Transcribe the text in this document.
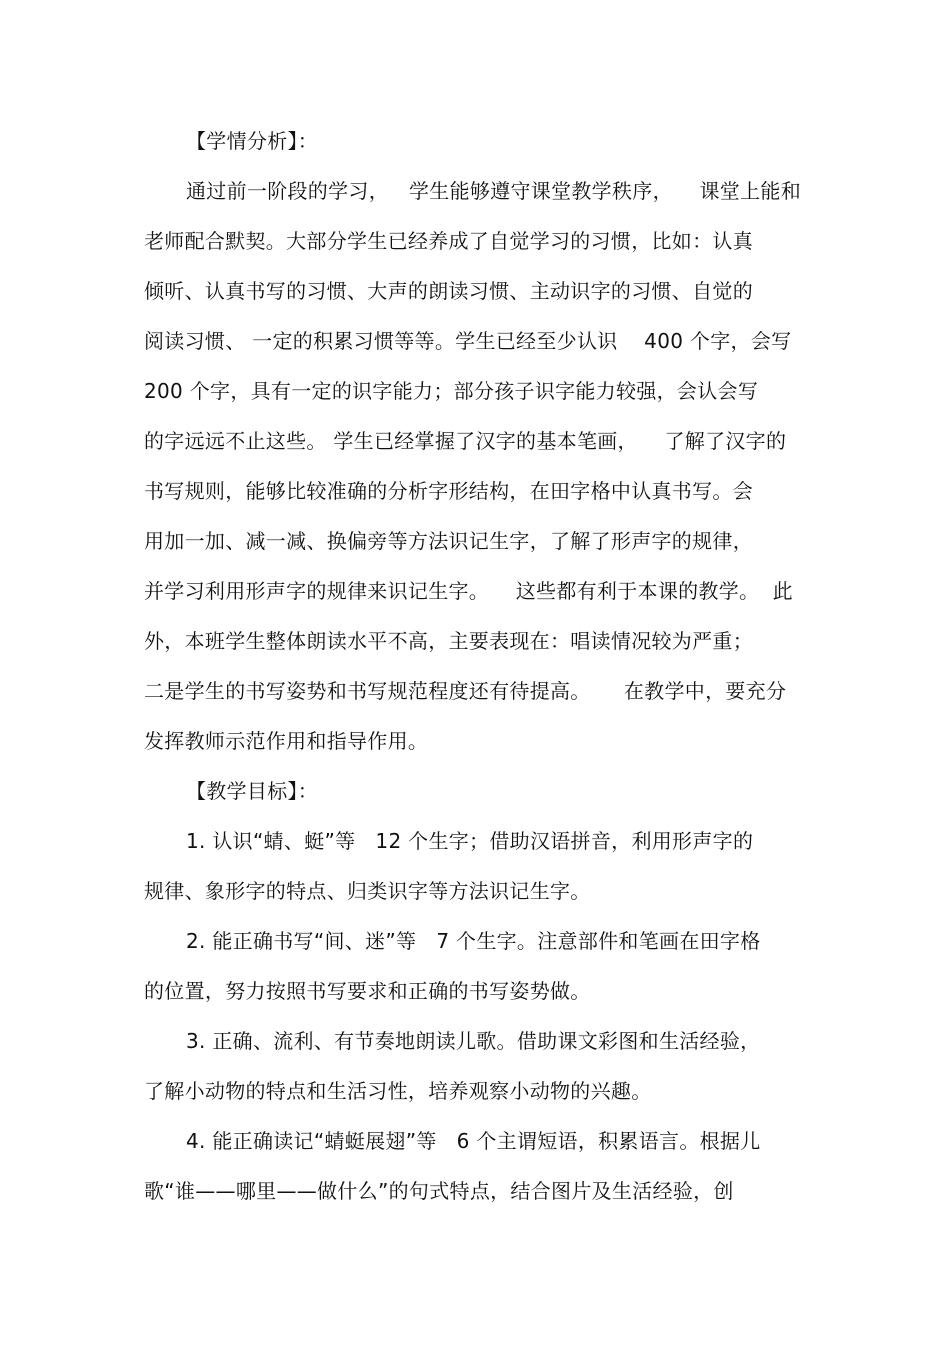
【学情分析】：
通过前一阶段的学习，   学生能够遵守课堂教学秩序，    课堂上能和
老师配合默契。大部分学生已经养成了自觉学习的习惯，比如：认真
倾听、认真书写的习惯、大声的朗读习惯、主动识字的习惯、自觉的
阅读习惯、 一定的积累习惯等等。学生已经至少认识    400 个字，会写
200 个字，具有一定的识字能力；部分孩子识字能力较强，会认会写
的字远远不止这些。 学生已经掌握了汉字的基本笔画，    了解了汉字的
书写规则，能够比较准确的分析字形结构，在田字格中认真书写。会
用加一加、减一减、换偏旁等方法识记生字，了解了形声字的规律，
并学习利用形声字的规律来识记生字。    这些都有利于本课的教学。  此
外，本班学生整体朗读水平不高，主要表现在：唱读情况较为严重；
二是学生的书写姿势和书写规范程度还有待提高。     在教学中，要充分
发挥教师示范作用和指导作用。
【教学目标】：
1. 认识“蜻、蜓”等   12 个生字；借助汉语拼音，利用形声字的
规律、象形字的特点、归类识字等方法识记生字。
2. 能正确书写“间、迷”等   7 个生字。注意部件和笔画在田字格
的位置，努力按照书写要求和正确的书写姿势做。
3. 正确、流利、有节奏地朗读儿歌。借助课文彩图和生活经验，
了解小动物的特点和生活习性，培养观察小动物的兴趣。
4. 能正确读记“蜻蜓展翅”等   6 个主谓短语，积累语言。根据儿
歌“谁——哪里——做什么”的句式特点，结合图片及生活经验，创
